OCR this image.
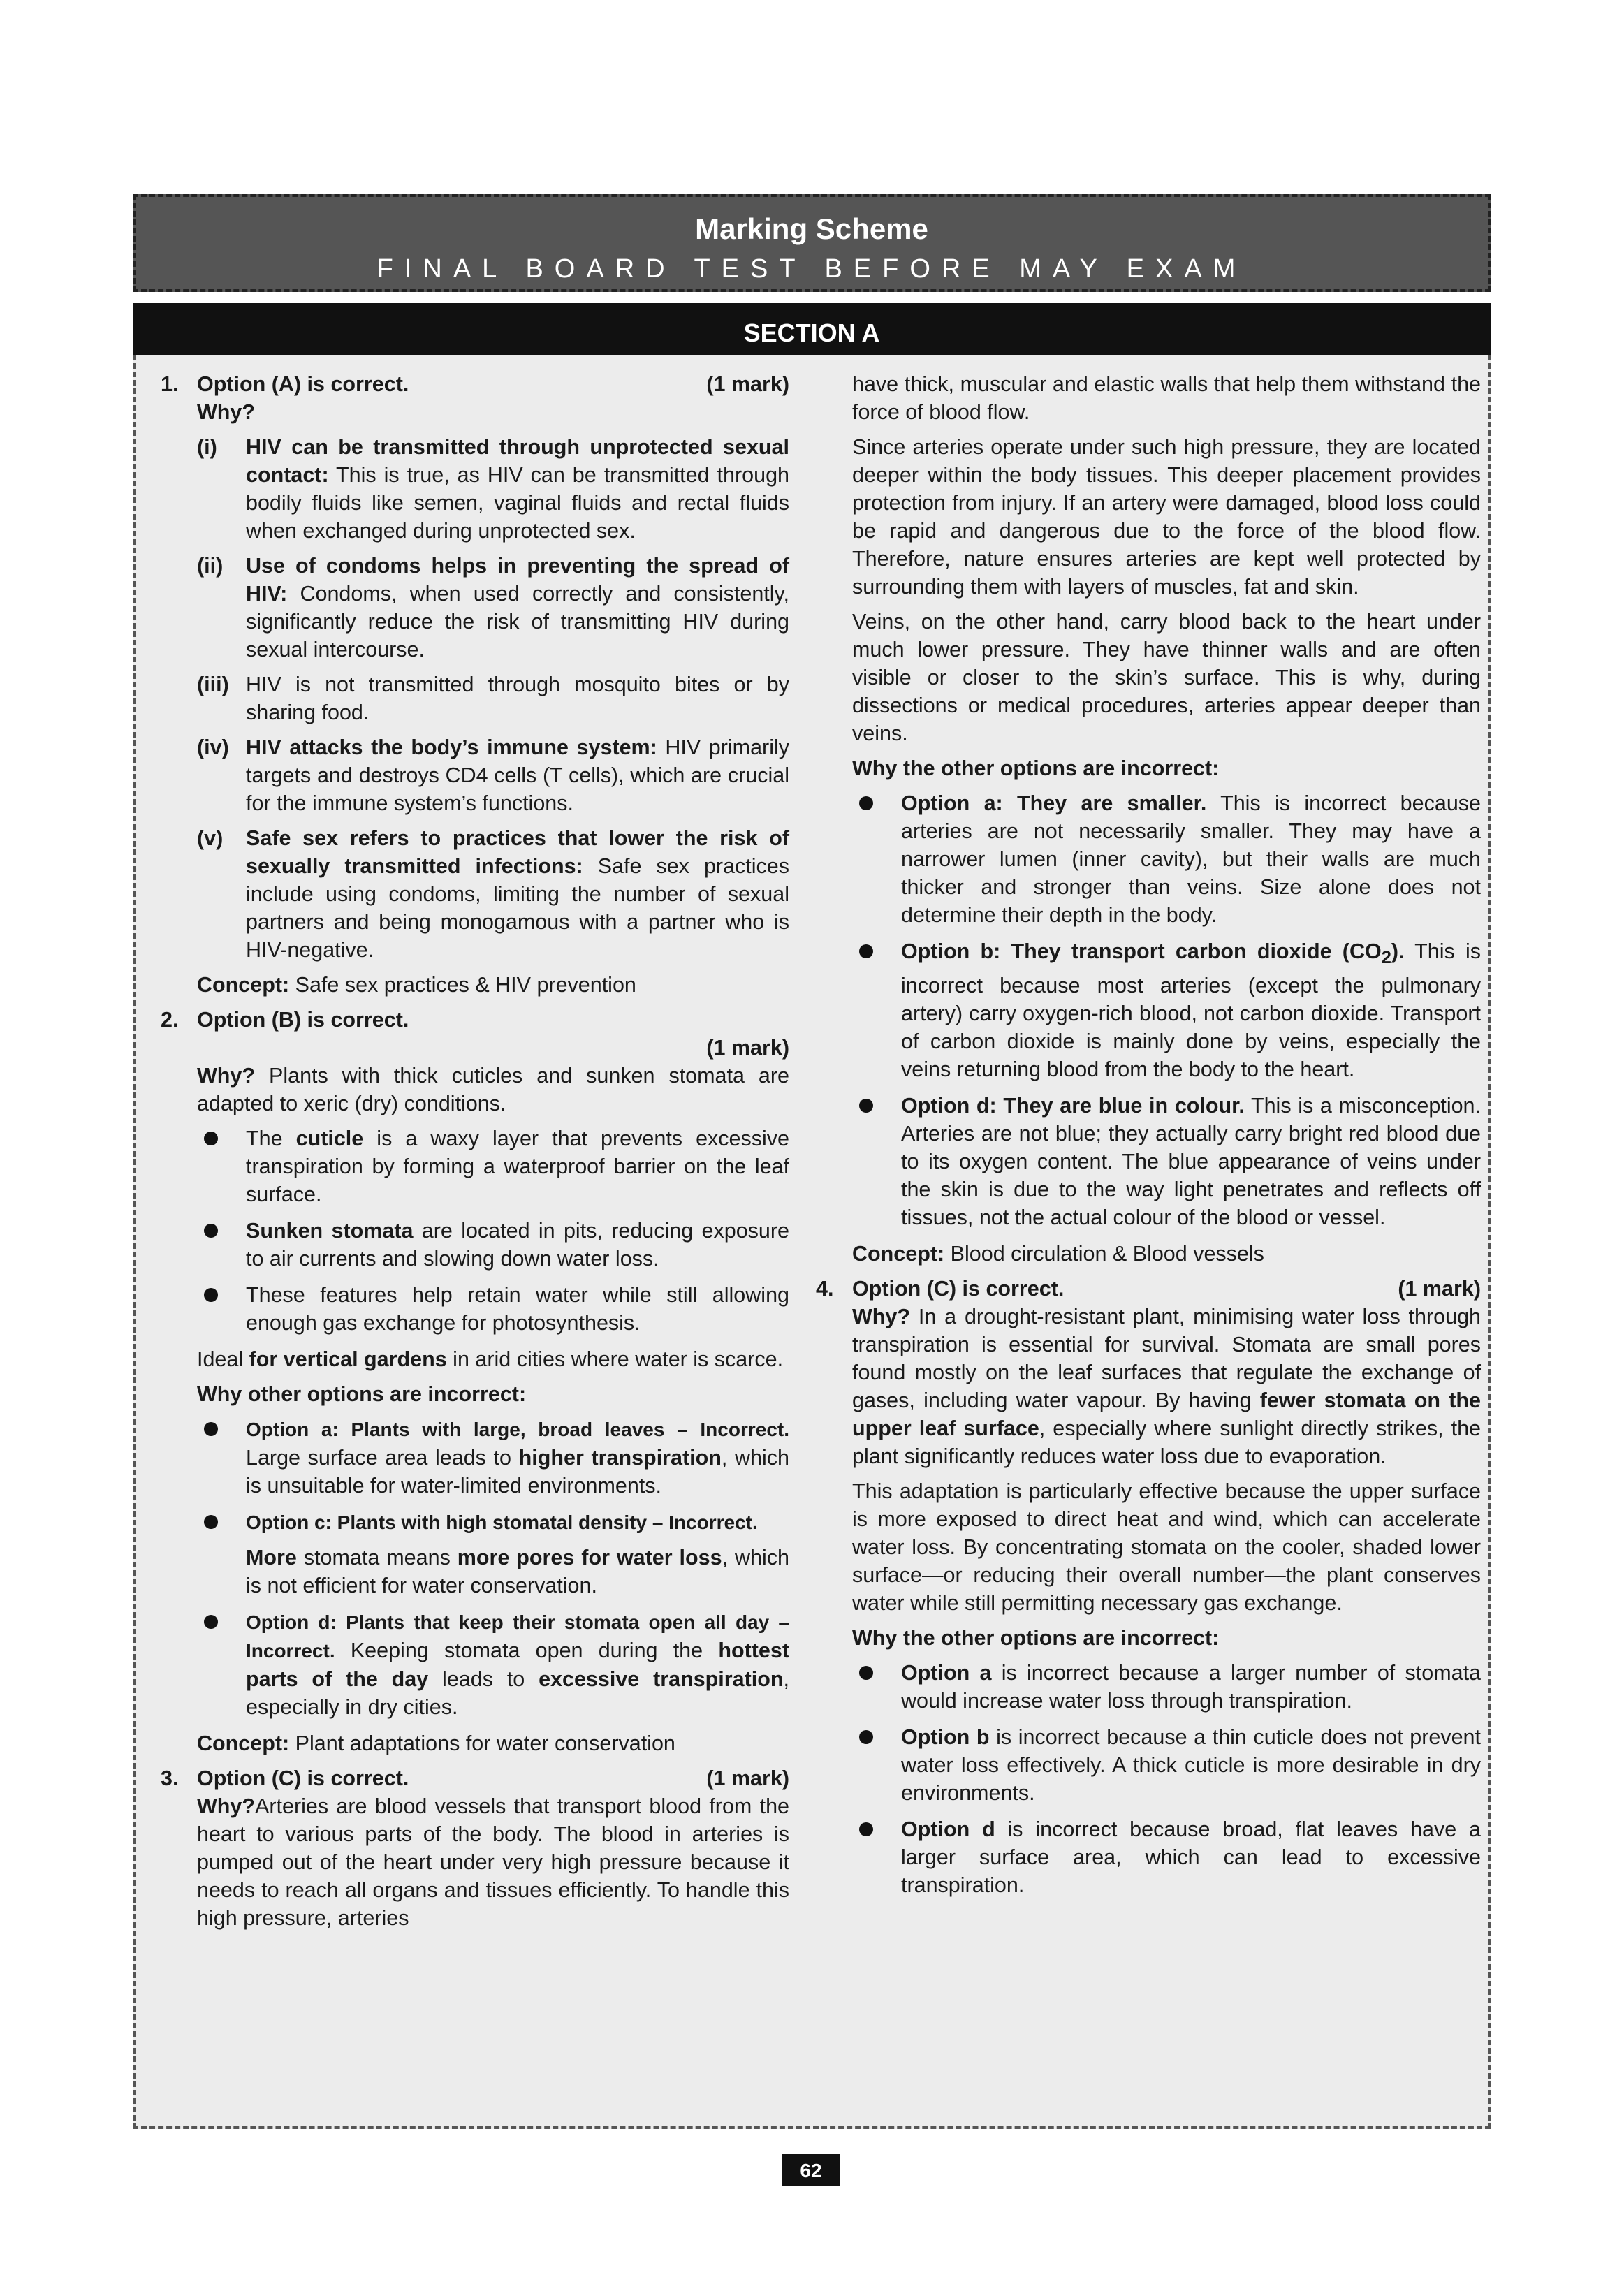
Marking Scheme
FINAL BOARD TEST BEFORE MAY EXAM
SECTION A
1. Option (A) is correct.	(1 mark)
Why?
(i) HIV can be transmitted through unprotected sexual contact: This is true, as HIV can be transmitted through bodily fluids like semen, vaginal fluids and rectal fluids when exchanged during unprotected sex.
(ii) Use of condoms helps in preventing the spread of HIV: Condoms, when used correctly and consistently, significantly reduce the risk of transmitting HIV during sexual intercourse.
(iii) HIV is not transmitted through mosquito bites or by sharing food.
(iv) HIV attacks the body’s immune system: HIV primarily targets and destroys CD4 cells (T cells), which are crucial for the immune system’s functions.
(v) Safe sex refers to practices that lower the risk of sexually transmitted infections: Safe sex practices include using condoms, limiting the number of sexual partners and being monogamous with a partner who is HIV-negative.
Concept: Safe sex practices & HIV prevention
2. Option (B) is correct.
(1 mark)
Why? Plants with thick cuticles and sunken stomata are adapted to xeric (dry) conditions.
The cuticle is a waxy layer that prevents excessive transpiration by forming a waterproof barrier on the leaf surface.
Sunken stomata are located in pits, reducing exposure to air currents and slowing down water loss.
These features help retain water while still allowing enough gas exchange for photosynthesis.
Ideal for vertical gardens in arid cities where water is scarce.
Why other options are incorrect:
Option a: Plants with large, broad leaves – Incorrect. Large surface area leads to higher transpiration, which is unsuitable for water-limited environments.
Option c: Plants with high stomatal density – Incorrect.
More stomata means more pores for water loss, which is not efficient for water conservation.
Option d: Plants that keep their stomata open all day – Incorrect. Keeping stomata open during the hottest parts of the day leads to excessive transpiration, especially in dry cities.
Concept: Plant adaptations for water conservation
3. Option (C) is correct.	(1 mark)
Why?Arteries are blood vessels that transport blood from the heart to various parts of the body. The blood in arteries is pumped out of the heart under very high pressure because it needs to reach all organs and tissues efficiently. To handle this high pressure, arteries
have thick, muscular and elastic walls that help them withstand the force of blood flow.
Since arteries operate under such high pressure, they are located deeper within the body tissues. This deeper placement provides protection from injury. If an artery were damaged, blood loss could be rapid and dangerous due to the force of the blood flow. Therefore, nature ensures arteries are kept well protected by surrounding them with layers of muscles, fat and skin.
Veins, on the other hand, carry blood back to the heart under much lower pressure. They have thinner walls and are often visible or closer to the skin’s surface. This is why, during dissections or medical procedures, arteries appear deeper than veins.
Why the other options are incorrect:
Option a: They are smaller. This is incorrect because arteries are not necessarily smaller. They may have a narrower lumen (inner cavity), but their walls are much thicker and stronger than veins. Size alone does not determine their depth in the body.
Option b: They transport carbon dioxide $(CO_2)$. This is incorrect because most arteries (except the pulmonary artery) carry oxygen-rich blood, not carbon dioxide. Transport of carbon dioxide is mainly done by veins, especially the veins returning blood from the body to the heart.
Option d: They are blue in colour. This is a misconception. Arteries are not blue; they actually carry bright red blood due to its oxygen content. The blue appearance of veins under the skin is due to the way light penetrates and reflects off tissues, not the actual colour of the blood or vessel.
Concept: Blood circulation & Blood vessels
4. Option (C) is correct.	(1 mark)
Why? In a drought-resistant plant, minimising water loss through transpiration is essential for survival. Stomata are small pores found mostly on the leaf surfaces that regulate the exchange of gases, including water vapour. By having fewer stomata on the upper leaf surface, especially where sunlight directly strikes, the plant significantly reduces water loss due to evaporation.
This adaptation is particularly effective because the upper surface is more exposed to direct heat and wind, which can accelerate water loss. By concentrating stomata on the cooler, shaded lower surface—or reducing their overall number—the plant conserves water while still permitting necessary gas exchange.
Why the other options are incorrect:
Option a is incorrect because a larger number of stomata would increase water loss through transpiration.
Option b is incorrect because a thin cuticle does not prevent water loss effectively. A thick cuticle is more desirable in dry environments.
Option d is incorrect because broad, flat leaves have a larger surface area, which can lead to excessive transpiration.
62
